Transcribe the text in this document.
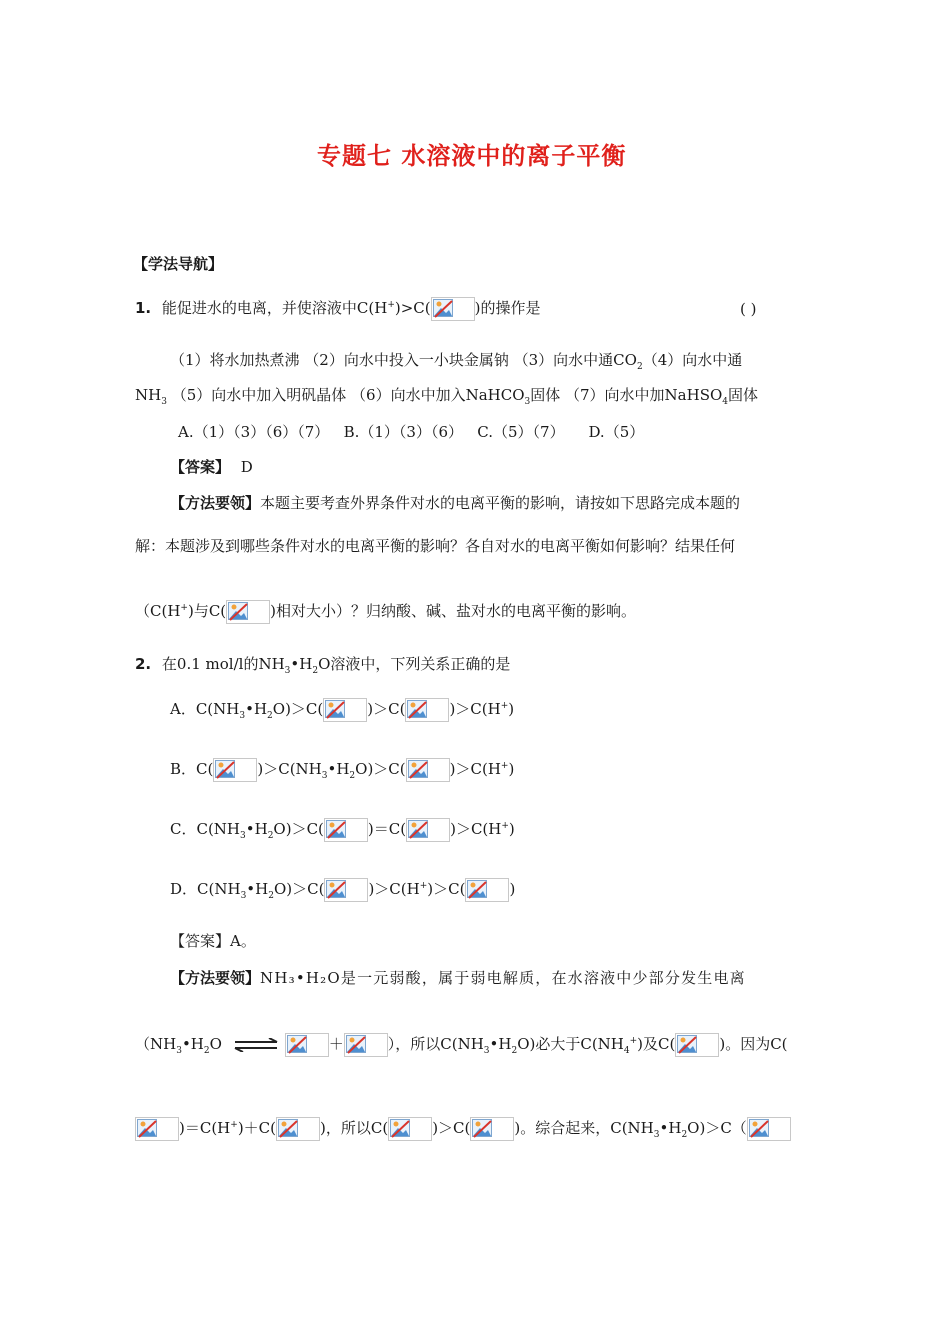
专题七 水溶液中的离子平衡
【学法导航】
1. 能促进水的电离，并使溶液中C(H+)>C(	)的操作是	( )
（1）将水加热煮沸 （2）向水中投入一小块金属钠 （3）向水中通$CO_2(4)$向水中通
$NH_3$ （5）向水中加入明矾晶体 （6）向水中加入NaHCO$_3$固体 （7）向水中加NaHSO$_4$固体
A.（1）（3）（6）（7）   B.（1）（3）（6）   C.（5）（7）     D.（5）
【答案】 D
【方法要领】本题主要考查外界条件对水的电离平衡的影响，请按如下思路完成本题的
解：本题涉及到哪些条件对水的电离平衡的影响？各自对水的电离平衡如何影响？结果任何
（C(H+)与C(	)相对大小）？归纳酸、碱、盐对水的电离平衡的影响。
2. 在0.1 mol/l的$NH_3•H_2O$溶液中，下列关系正确的是
A．$C(NH_3•H_2O)>C$(	)＞C(	)＞C(H+)
B．C(	)$>C(NH_3•H_2O)>C$(	)＞C(H+)
C．$C(NH_3•H_2O)>C$(	)＝C(	)＞C(H+)
D．$C(NH_3•H_2O)>C$(	)＞C(H+)＞C(	)
【答案】A。
【方法要领】NH₃•H₂O是一元弱酸，属于弱电解质，在水溶液中少部分发生电离
（$NH_3•H_2O$ ⇌	＋	），所以$C(NH_3•H_2O)$必大于$C(NH_4^+)$及C(	)。因为C(
)＝C(H+)＋C(	)，所以C(	)＞C(	)。综合起来，$C(NH_3•H_2O)>C$（
